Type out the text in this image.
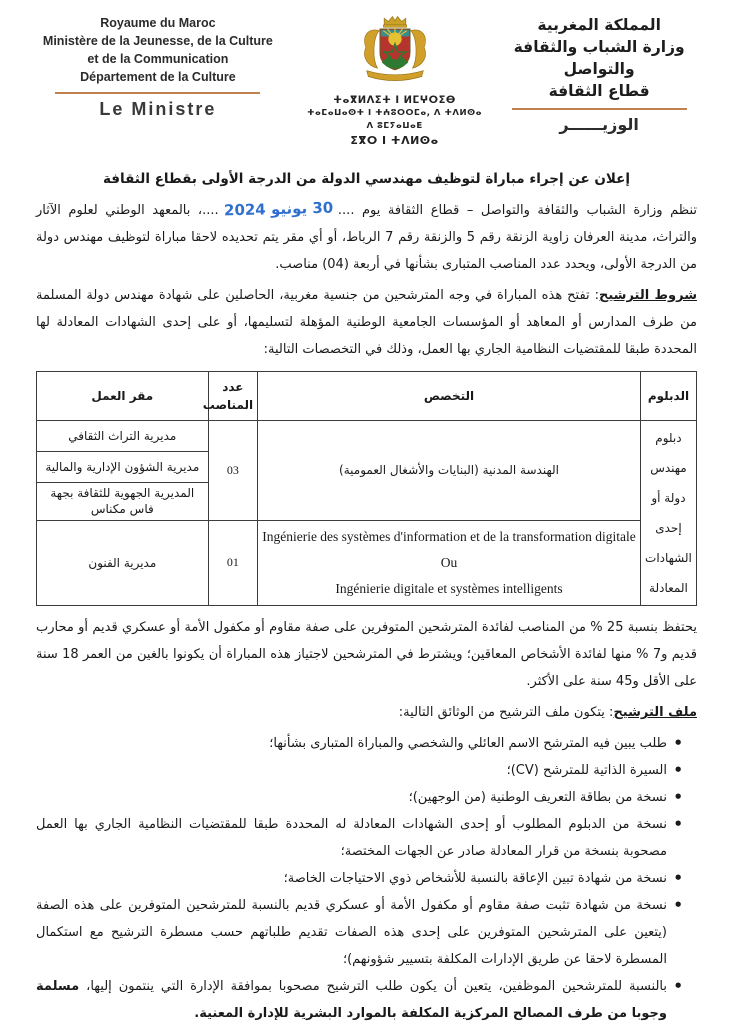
Royaume du Maroc
Ministère de la Jeunesse, de la Culture
et de la Communication
Département de la Culture
Le Ministre	ⵜⴰⴳⵍⴷⵉⵜ ⵏ ⵍⵎⵖⵔⵉⴱ
ⵜⴰⵎⴰⵡⴰⵙⵜ ⵏ ⵜⵄⵓⵔⵔⵎⴰ, ⴷ ⵜⴷⵍⵙⴰ ⴷ ⵓⵎⵢⴰⵡⴰⴹ
ⵉⴳⵔ ⵏ ⵜⴷⵍⵙⴰ
المملكة المغربية
وزارة الشباب والثقافة
والتواصل
قطاع الثقافة
الوزيــــــر
إعلان عن إجراء مباراة لتوظيف مهندسي الدولة من الدرجة الأولى بقطاع الثقافة

تنظم وزارة الشباب والثقافة والتواصل – قطاع الثقافة يوم ....30 يونيو 2024....، بالمعهد الوطني لعلوم الآثار والتراث، مدينة العرفان زاوية الزنقة رقم 5 والزنقة رقم 7 الرباط، أو أي مقر يتم تحديده لاحقا مباراة لتوظيف مهندس دولة من الدرجة الأولى، ويحدد عدد المناصب المتبارى بشأنها في أربعة (04) مناصب.

شروط الترشيح: تفتح هذه المباراة في وجه المترشحين من جنسية مغربية، الحاصلين على شهادة مهندس دولة المسلمة من طرف المدارس أو المعاهد أو المؤسسات الجامعية الوطنية المؤهلة لتسليمها، أو على إحدى الشهادات المعادلة لها المحددة طبقا للمقتضيات النظامية الجاري بها العمل، وذلك في التخصصات التالية:

الدبلوم	التخصص	عدد المناصب	مقر العمل
دبلوم مهندس دولة أو إحدى الشهادات المعادلة	الهندسة المدنية (البنايات والأشغال العمومية)	03	مديرية التراث الثقافي
			مديرية الشؤون الإدارية والمالية
			المديرية الجهوية للثقافة بجهة فاس مكناس

	Ingénierie des systèmes d'information et de la transformation digitale
Ou
Ingénierie digitale et systèmes intelligents	01	مديرية الفنون

يحتفظ بنسبة 25 % من المناصب لفائدة المترشحين المتوفرين على صفة مقاوم أو مكفول الأمة أو عسكري قديم أو محارب قديم و7 % منها لفائدة الأشخاص المعاقين؛ ويشترط في المترشحين لاجتياز هذه المباراة أن يكونوا بالغين من العمر 18 سنة على الأقل و45 سنة على الأكثر.

ملف الترشيح: يتكون ملف الترشيح من الوثائق التالية:

• طلب يبين فيه المترشح الاسم العائلي والشخصي والمباراة المتبارى بشأنها؛
• السيرة الذاتية للمترشح (CV)؛
• نسخة من بطاقة التعريف الوطنية (من الوجهين)؛
• نسخة من الدبلوم المطلوب أو إحدى الشهادات المعادلة له المحددة طبقا للمقتضيات النظامية الجاري بها العمل مصحوبة بنسخة من قرار المعادلة صادر عن الجهات المختصة؛
• نسخة من شهادة تبين الإعاقة بالنسبة للأشخاص ذوي الاحتياجات الخاصة؛
• نسخة من شهادة تثبت صفة مقاوم أو مكفول الأمة أو عسكري قديم بالنسبة للمترشحين المتوفرين على هذه الصفة (يتعين على المترشحين المتوفرين على إحدى هذه الصفات تقديم طلباتهم حسب مسطرة الترشيح مع استكمال المسطرة لاحقا عن طريق الإدارات المكلفة بتسيير شؤونهم)؛
• بالنسبة للمترشحين الموظفين، يتعين أن يكون طلب الترشيح مصحوبا بموافقة الإدارة التي ينتمون إليها، مسلمة وجوبا من طرف المصالح المركزية المكلفة بالموارد البشرية للإدارة المعنية.
